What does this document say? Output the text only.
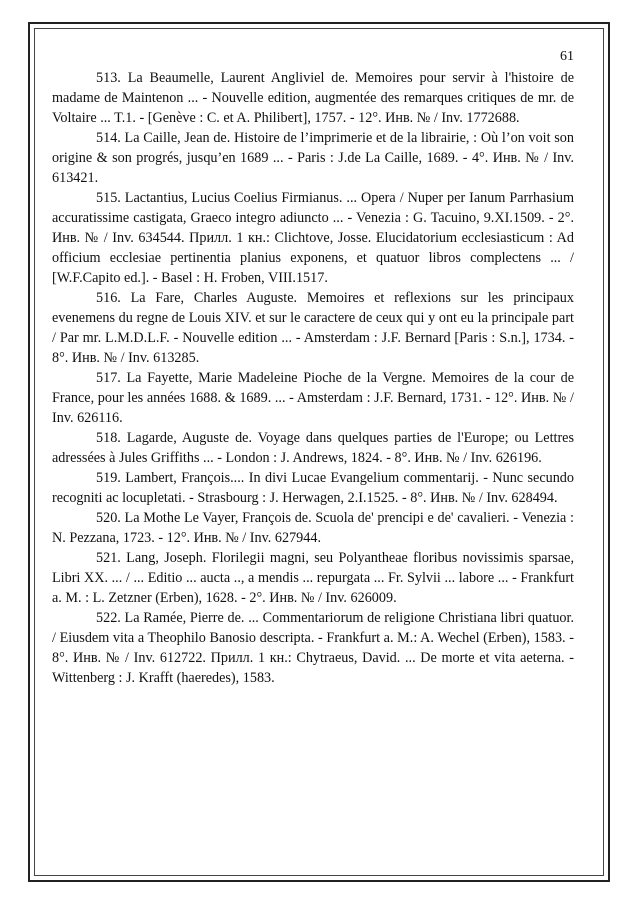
61

513. La Beaumelle, Laurent Angliviel de. Memoires pour servir à l'histoire de madame de Maintenon ... - Nouvelle edition, augmentée des remarques critiques de mr. de Voltaire ... T.1. - [Genève : C. et A. Philibert], 1757. - 12°. Инв. № / Inv. 1772688.

514. La Caille, Jean de. Histoire de l’imprimerie et de la librairie, : Où l’on voit son origine & son progrés, jusqu’en 1689 ... - Paris : J.de La Caille, 1689. - 4°. Инв. № / Inv. 613421.

515. Lactantius, Lucius Coelius Firmianus. ... Opera / Nuper per Ianum Parrhasium accuratissime castigata, Graeco integro adiuncto ... - Venezia : G. Tacuino, 9.XI.1509. - 2°. Инв. № / Inv. 634544. Прилл. 1 кн.: Clichtove, Josse. Elucidatorium ecclesiasticum : Ad officium ecclesiae pertinentia planius exponens, et quatuor libros complectens ... / [W.F.Capito ed.]. - Basel : H. Froben, VIII.1517.

516. La Fare, Charles Auguste. Memoires et reflexions sur les principaux evenemens du regne de Louis XIV. et sur le caractere de ceux qui y ont eu la principale part / Par mr. L.M.D.L.F. - Nouvelle edition ... - Amsterdam : J.F. Bernard [Paris : S.n.], 1734. - 8°. Инв. № / Inv. 613285.

517. La Fayette, Marie Madeleine Pioche de la Vergne. Memoires de la cour de France, pour les années 1688. & 1689. ... - Amsterdam : J.F. Bernard, 1731. - 12°. Инв. № / Inv. 626116.

518. Lagarde, Auguste de. Voyage dans quelques parties de l'Europe; ou Lettres adressées à Jules Griffiths ... - London : J. Andrews, 1824. - 8°. Инв. № / Inv. 626196.

519. Lambert, François.... In divi Lucae Evangelium commentarij. - Nunc secundo recogniti ac locupletati. - Strasbourg : J. Herwagen, 2.I.1525. - 8°. Инв. № / Inv. 628494.

520. La Mothe Le Vayer, François de. Scuola de' prencipi e de' cavalieri. - Venezia : N. Pezzana, 1723. - 12°. Инв. № / Inv. 627944.

521. Lang, Joseph. Florilegii magni, seu Polyantheae floribus novissimis sparsae, Libri XX. ... / ... Editio ... aucta .., a mendis ... repurgata ... Fr. Sylvii ... labore ... - Frankfurt a. M. : L. Zetzner (Erben), 1628. - 2°. Инв. № / Inv. 626009.

522. La Ramée, Pierre de. ... Commentariorum de religione Christiana libri quatuor. / Eiusdem vita a Theophilo Banosio descripta. - Frankfurt a. M.: A. Wechel (Erben), 1583. - 8°. Инв. № / Inv. 612722. Прилл. 1 кн.: Chytraeus, David. ... De morte et vita aeterna. - Wittenberg : J. Krafft (haeredes), 1583.
